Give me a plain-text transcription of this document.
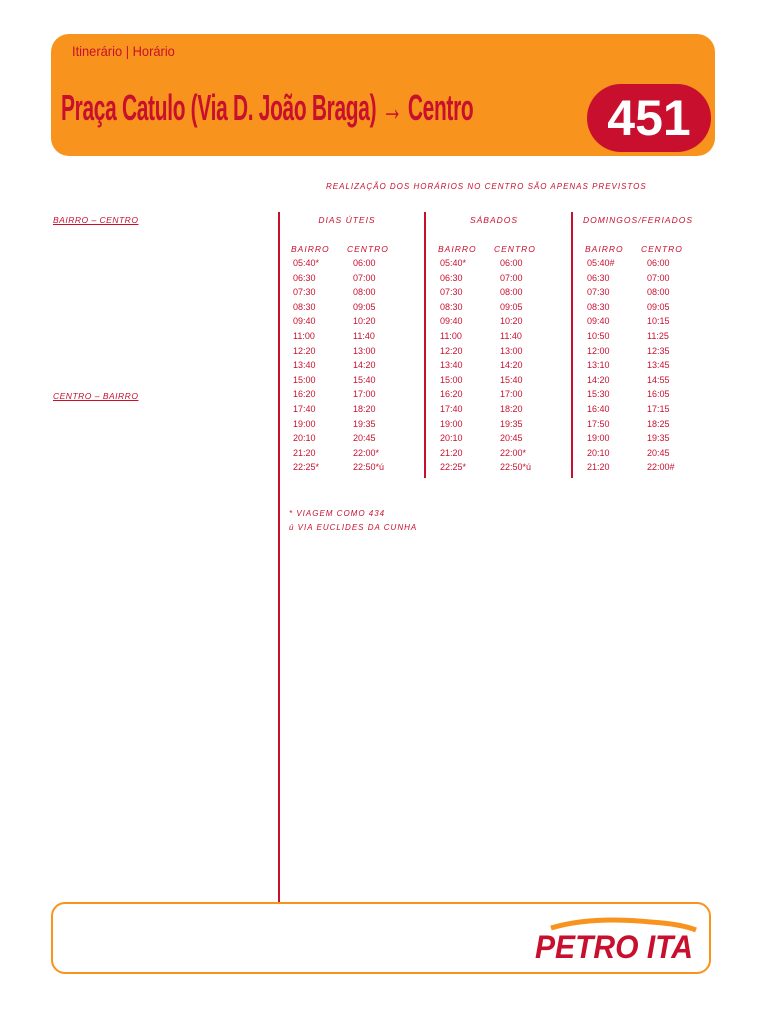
Itinerário | Horário
Praça Catulo (Via D. João Braga) → Centro	451
REALIZAÇÃO DOS HORÁRIOS NO CENTRO SÃO APENAS PREVISTOS
BAIRRO – CENTRO
CENTRO – BAIRRO
DIAS ÚTEIS
BAIRRO CENTRO
05:40*	06:00
06:30	07:00
07:30	08:00
08:30	09:05
09:40	10:20
11:00	11:40
12:20	13:00
13:40	14:20
15:00	15:40
16:20	17:00
17:40	18:20
19:00	19:35
20:10	20:45
21:20	22:00*
22:25*	22:50*ú
SÁBADOS
BAIRRO CENTRO
05:40*	06:00
06:30	07:00
07:30	08:00
08:30	09:05
09:40	10:20
11:00	11:40
12:20	13:00
13:40	14:20
15:00	15:40
16:20	17:00
17:40	18:20
19:00	19:35
20:10	20:45
21:20	22:00*
22:25*	22:50*ú
DOMINGOS/FERIADOS
BAIRRO CENTRO
05:40#	06:00
06:30	07:00
07:30	08:00
08:30	09:05
09:40	10:15
10:50	11:25
12:00	12:35
13:10	13:45
14:20	14:55
15:30	16:05
16:40	17:15
17:50	18:25
19:00	19:35
20:10	20:45
21:20	22:00#
* VIAGEM COMO 434
ú VIA EUCLIDES DA CUNHA
PETRO ITA
